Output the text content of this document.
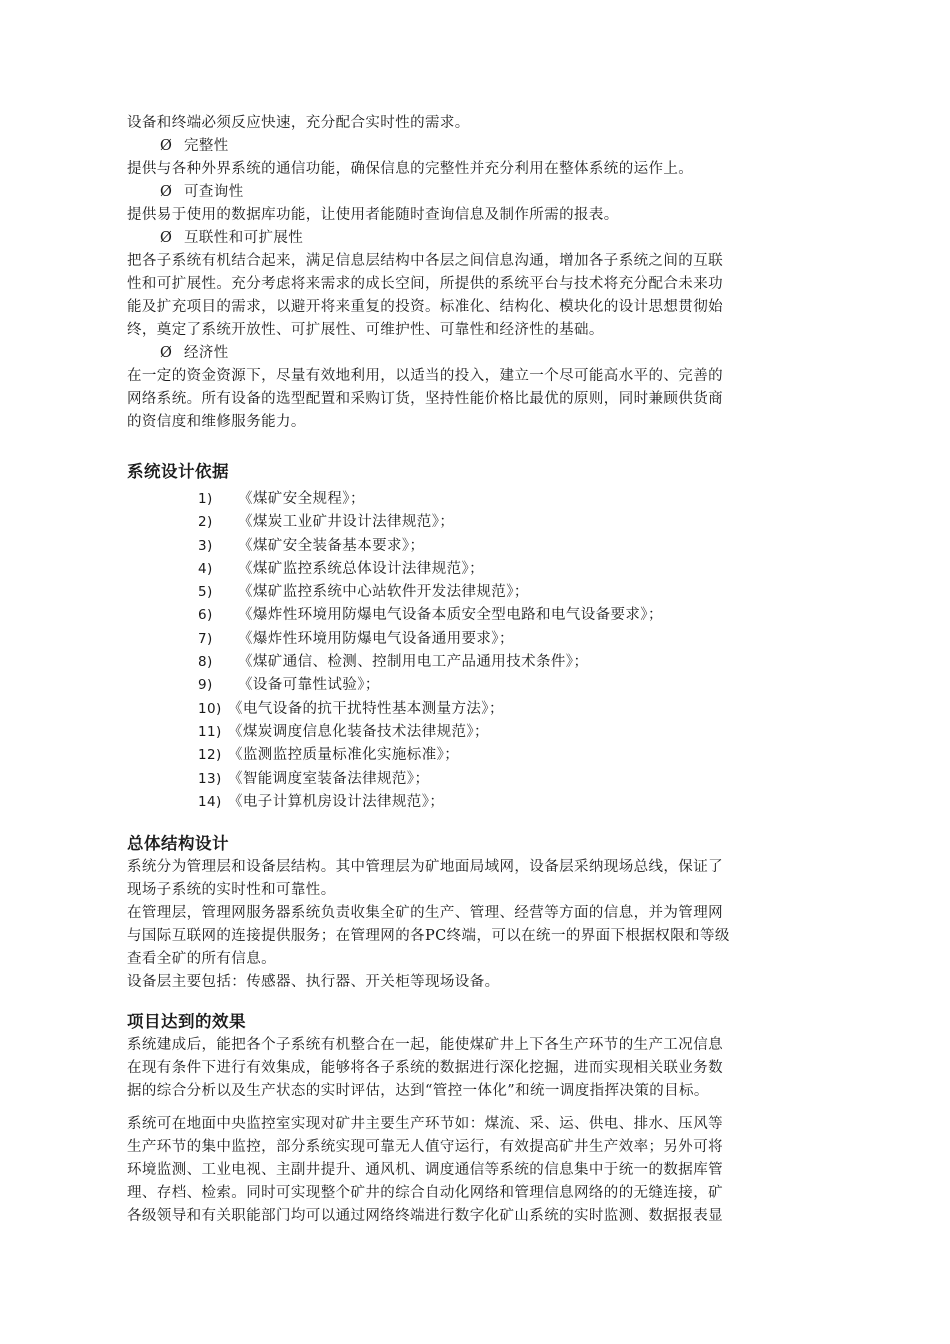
设备和终端必须反应快速，充分配合实时性的需求。

Ø 完整性

提供与各种外界系统的通信功能，确保信息的完整性并充分利用在整体系统的运作上。

Ø 可查询性

提供易于使用的数据库功能，让使用者能随时查询信息及制作所需的报表。

Ø 互联性和可扩展性

把各子系统有机结合起来，满足信息层结构中各层之间信息沟通，增加各子系统之间的互联

性和可扩展性。充分考虑将来需求的成长空间，所提供的系统平台与技术将充分配合未来功

能及扩充项目的需求，以避开将来重复的投资。标准化、结构化、模块化的设计思想贯彻始

终，奠定了系统开放性、可扩展性、可维护性、可靠性和经济性的基础。

Ø 经济性

在一定的资金资源下，尽量有效地利用，以适当的投入，建立一个尽可能高水平的、完善的

网络系统。所有设备的选型配置和采购订货，坚持性能价格比最优的原则，同时兼顾供货商

的资信度和维修服务能力。

系统设计依据
1) 《煤矿安全规程》；
2) 《煤炭工业矿井设计法律规范》；
3) 《煤矿安全装备基本要求》；
4) 《煤矿监控系统总体设计法律规范》；
5) 《煤矿监控系统中心站软件开发法律规范》；
6) 《爆炸性环境用防爆电气设备本质安全型电路和电气设备要求》；
7) 《爆炸性环境用防爆电气设备通用要求》；
8) 《煤矿通信、检测、控制用电工产品通用技术条件》；
9) 《设备可靠性试验》；
10) 《电气设备的抗干扰特性基本测量方法》；
11) 《煤炭调度信息化装备技术法律规范》；
12) 《监测监控质量标准化实施标准》；
13) 《智能调度室装备法律规范》；
14) 《电子计算机房设计法律规范》；
总体结构设计

系统分为管理层和设备层结构。其中管理层为矿地面局域网，设备层采纳现场总线，保证了

现场子系统的实时性和可靠性。

在管理层，管理网服务器系统负责收集全矿的生产、管理、经营等方面的信息，并为管理网

与国际互联网的连接提供服务；在管理网的各PC终端，可以在统一的界面下根据权限和等级

查看全矿的所有信息。

设备层主要包括：传感器、执行器、开关柜等现场设备。

项目达到的效果

系统建成后，能把各个子系统有机整合在一起，能使煤矿井上下各生产环节的生产工况信息

在现有条件下进行有效集成，能够将各子系统的数据进行深化挖掘，进而实现相关联业务数

据的综合分析以及生产状态的实时评估，达到“管控一体化”和统一调度指挥决策的目标。

系统可在地面中央监控室实现对矿井主要生产环节如：煤流、采、运、供电、排水、压风等

生产环节的集中监控，部分系统实现可靠无人值守运行，有效提高矿井生产效率；另外可将

环境监测、工业电视、主副井提升、通风机、调度通信等系统的信息集中于统一的数据库管

理、存档、检索。同时可实现整个矿井的综合自动化网络和管理信息网络的的无缝连接，矿

各级领导和有关职能部门均可以通过网络终端进行数字化矿山系统的实时监测、数据报表显
